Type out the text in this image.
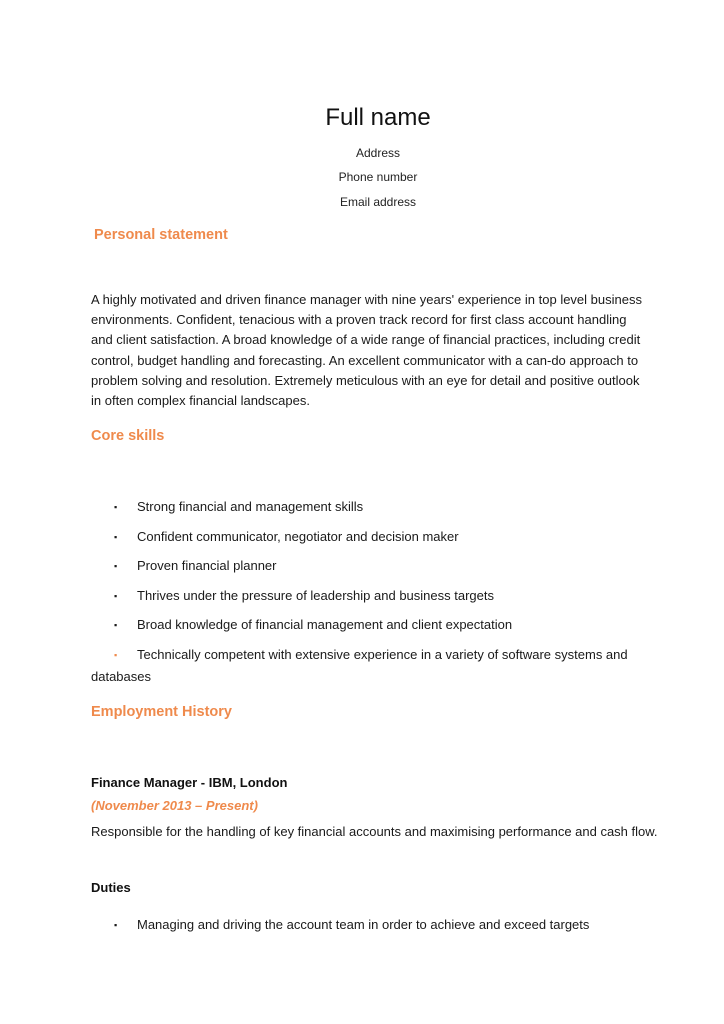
Full name
Address
Phone number
Email address
Personal statement
A highly motivated and driven finance manager with nine years' experience in top level business environments. Confident, tenacious with a proven track record for first class account handling and client satisfaction. A broad knowledge of a wide range of financial practices, including credit control, budget handling and forecasting. An excellent communicator with a can-do approach to problem solving and resolution. Extremely meticulous with an eye for detail and positive outlook in often complex financial landscapes.
Core skills
▪ Strong financial and management skills
▪ Confident communicator, negotiator and decision maker
▪ Proven financial planner
▪ Thrives under the pressure of leadership and business targets
▪ Broad knowledge of financial management and client expectation
▪ Technically competent with extensive experience in a variety of software systems and databases
Employment History
Finance Manager - IBM, London
(November 2013 – Present)
Responsible for the handling of key financial accounts and maximising performance and cash flow.
Duties
▪ Managing and driving the account team in order to achieve and exceed targets
